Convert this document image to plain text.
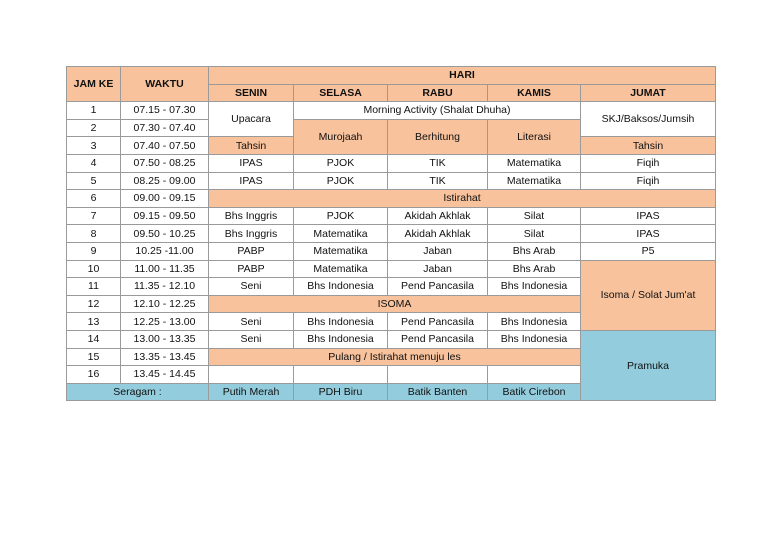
JAM KE	WAKTU	HARI				
		SENIN	SELASA	RABU	KAMIS	JUMAT
1	07.15 - 07.30	Upacara	Morning Activity (Shalat Dhuha)			SKJ/Baksos/Jumsih
2	07.30 - 07.40		Murojaah	Berhitung	Literasi	
3	07.40 - 07.50	Tahsin				Tahsin
4	07.50 - 08.25	IPAS	PJOK	TIK	Matematika	Fiqih
5	08.25 - 09.00	IPAS	PJOK	TIK	Matematika	Fiqih
6	09.00 - 09.15	Istirahat				
7	09.15 - 09.50	Bhs Inggris	PJOK	Akidah Akhlak	Silat	IPAS
8	09.50 - 10.25	Bhs Inggris	Matematika	Akidah Akhlak	Silat	IPAS
9	10.25 -11.00	PABP	Matematika	Jaban	Bhs Arab	P5
10	11.00 - 11.35	PABP	Matematika	Jaban	Bhs Arab	Isoma / Solat Jum'at
11	11.35 - 12.10	Seni	Bhs Indonesia	Pend Pancasila	Bhs Indonesia	
12	12.10 - 12.25	ISOMA				
13	12.25 - 13.00	Seni	Bhs Indonesia	Pend Pancasila	Bhs Indonesia	
14	13.00 - 13.35	Seni	Bhs Indonesia	Pend Pancasila	Bhs Indonesia	Pramuka
15	13.35 - 13.45	Pulang / Istirahat menuju les				
16	13.45 - 14.45					
Seragam :		Putih Merah	PDH Biru	Batik Banten	Batik Cirebon	
